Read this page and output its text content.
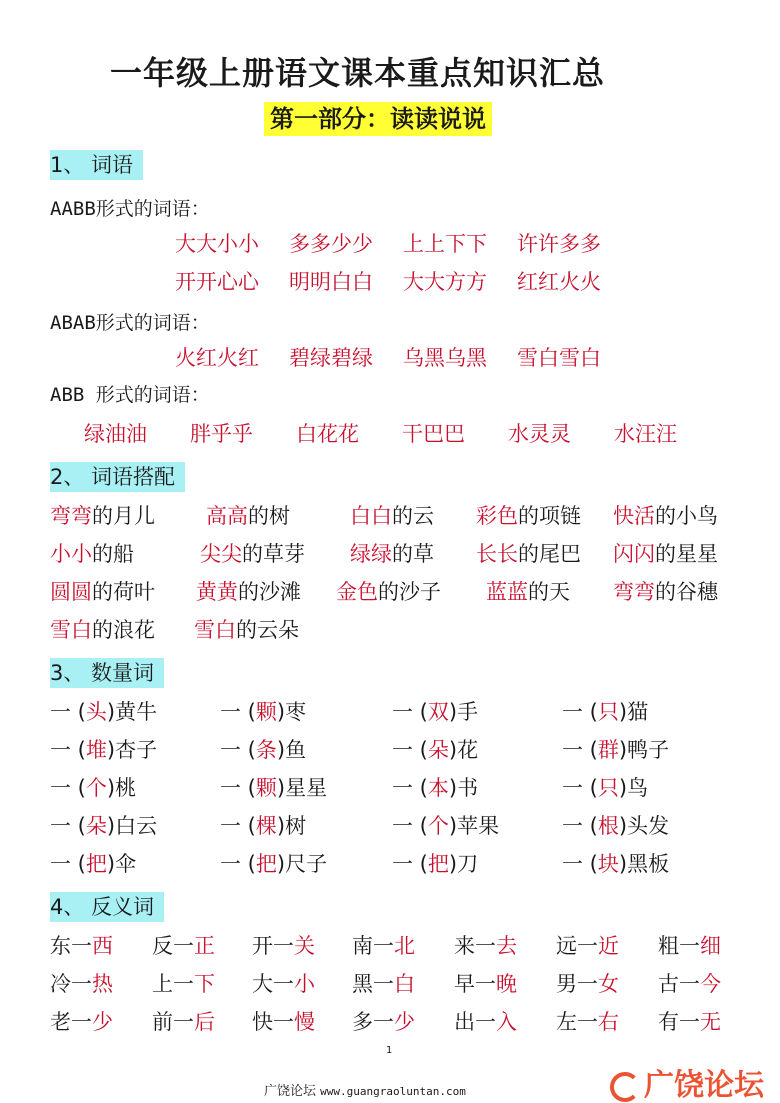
一年级上册语文课本重点知识汇总
第一部分：读读说说
1、 词语
AABB形式的词语：
大大小小 多多少少 上上下下 许许多多
开开心心 明明白白 大大方方 红红火火
ABAB形式的词语：
火红火红 碧绿碧绿 乌黑乌黑 雪白雪白
ABB 形式的词语：
绿油油 胖乎乎 白花花 干巴巴 水灵灵 水汪汪
2、 词语搭配
弯弯的月儿 高高的树	白白的云 彩色的项链 快活的小鸟
小小的船	尖尖的草芽 绿绿的草 长长的尾巴 闪闪的星星
圆圆的荷叶 黄黄的沙滩 金色的沙子 蓝蓝的天 弯弯的谷穗
雪白的浪花 雪白的云朵
3、 数量词
一 (头)黄牛	一 (颗)枣	一 (双)手	一 (只)猫
一 (堆)杏子	一 (条)鱼	一 (朵)花	一 (群)鸭子
一 (个)桃	一 (颗)星星	一 (本)书	一 (只)鸟
一 (朵)白云	一 (棵)树	一 (个)苹果	一 (根)头发
一 (把)伞	一 (把)尺子	一 (把)刀	一 (块)黑板
4、 反义词
东一西 反一正 开一关 南一北 来一去 远一近 粗一细
冷一热 上一下 大一小 黑一白 早一晚 男一女 古一今
老一少 前一后 快一慢 多一少 出一入 左一右 有一无
1
广饶论坛 www.guangraoluntan.com	广饶论坛
